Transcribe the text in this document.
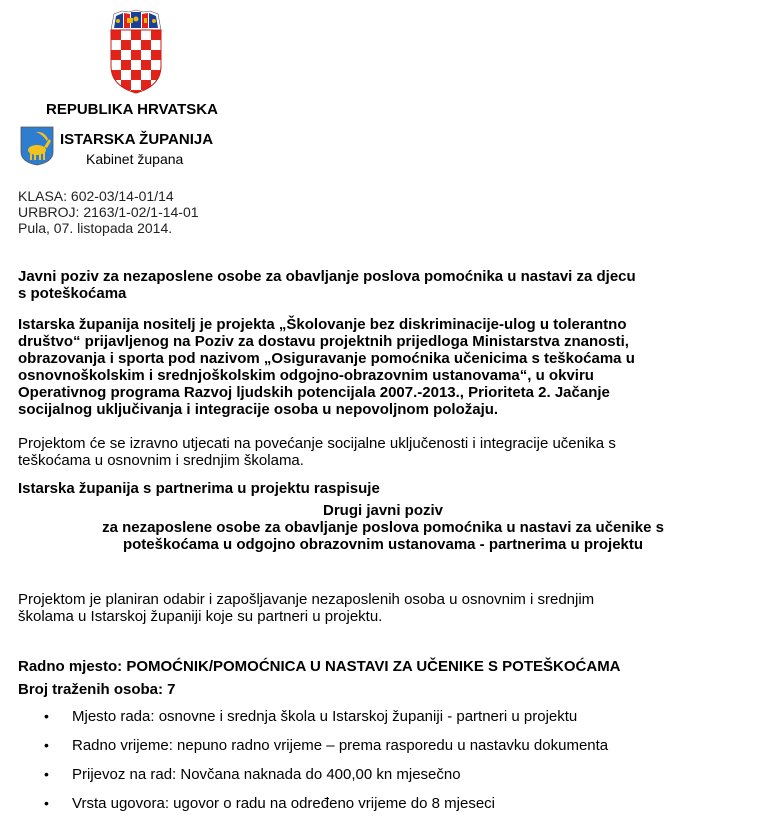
REPUBLIKA HRVATSKA
ISTARSKA ŽUPANIJA
Kabinet župana
KLASA: 602-03/14-01/14
URBROJ: 2163/1-02/1-14-01
Pula, 07. listopada 2014.
Javni poziv za nezaposlene osobe za obavljanje poslova pomoćnika u nastavi za djecu
s poteškoćama
Istarska županija nositelj je projekta „Školovanje bez diskriminacije-ulog u tolerantno
društvo“ prijavljenog na Poziv za dostavu projektnih prijedloga Ministarstva znanosti,
obrazovanja i sporta pod nazivom „Osiguravanje pomoćnika učenicima s teškoćama u
osnovnoškolskim i srednjoškolskim odgojno-obrazovnim ustanovama“, u okviru
Operativnog programa Razvoj ljudskih potencijala 2007.-2013., Prioriteta 2. Jačanje
socijalnog uključivanja i integracije osoba u nepovoljnom položaju.
Projektom će se izravno utjecati na povećanje socijalne uključenosti i integracije učenika s
teškoćama u osnovnim i srednjim školama.
Istarska županija s partnerima u projektu raspisuje
Drugi javni poziv
za nezaposlene osobe za obavljanje poslova pomoćnika u nastavi za učenike s
poteškoćama u odgojno obrazovnim ustanovama - partnerima u projektu
Projektom je planiran odabir i zapošljavanje nezaposlenih osoba u osnovnim i srednjim
školama u Istarskoj županiji koje su partneri u projektu.
Radno mjesto: POMOĆNIK/POMOĆNICA U NASTAVI ZA UČENIKE S POTEŠKOĆAMA
Broj traženih osoba: 7
• Mjesto rada: osnovne i srednja škola u Istarskoj županiji - partneri u projektu
• Radno vrijeme: nepuno radno vrijeme – prema rasporedu u nastavku dokumenta
• Prijevoz na rad: Novčana naknada do 400,00 kn mjesečno
• Vrsta ugovora: ugovor o radu na određeno vrijeme do 8 mjeseci
